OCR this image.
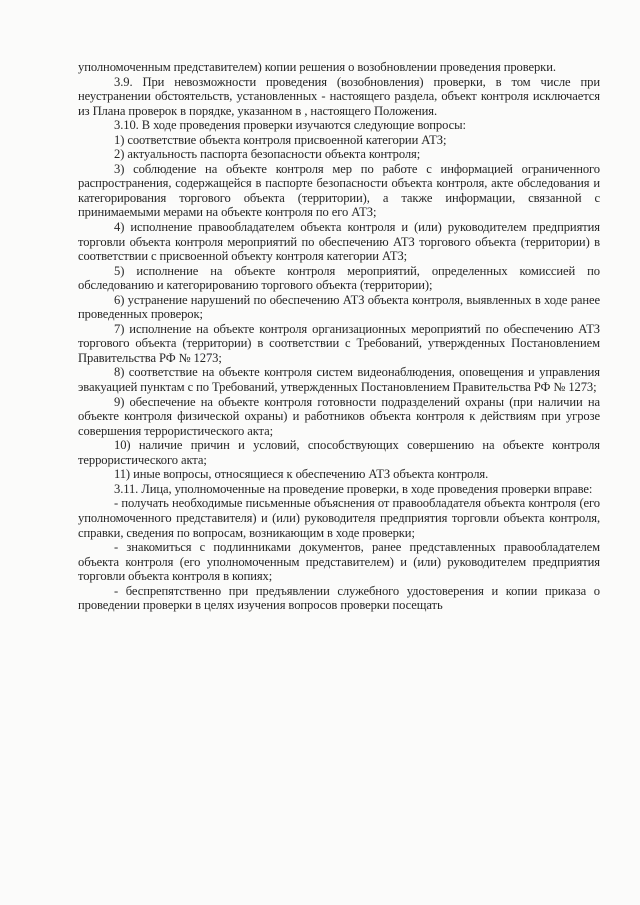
уполномоченным представителем) копии решения о возобновлении проведения проверки.

3.9. При невозможности проведения (возобновления) проверки, в том числе при неустранении обстоятельств, установленных - настоящего раздела, объект контроля исключается из Плана проверок в порядке, указанном в , настоящего Положения.

3.10. В ходе проведения проверки изучаются следующие вопросы:

1) соответствие объекта контроля присвоенной категории АТЗ;

2) актуальность паспорта безопасности объекта контроля;

3) соблюдение на объекте контроля мер по работе с информацией ограниченного распространения, содержащейся в паспорте безопасности объекта контроля, акте обследования и категорирования торгового объекта (территории), а также информации, связанной с принимаемыми мерами на объекте контроля по его АТЗ;

4) исполнение правообладателем объекта контроля и (или) руководителем предприятия торговли объекта контроля мероприятий по обеспечению АТЗ торгового объекта (территории) в соответствии с присвоенной объекту контроля категории АТЗ;

5) исполнение на объекте контроля мероприятий, определенных комиссией по обследованию и категорированию торгового объекта (территории);

6) устранение нарушений по обеспечению АТЗ объекта контроля, выявленных в ходе ранее проведенных проверок;

7) исполнение на объекте контроля организационных мероприятий по обеспечению АТЗ торгового объекта (территории) в соответствии с Требований, утвержденных Постановлением Правительства РФ № 1273;

8) соответствие на объекте контроля систем видеонаблюдения, оповещения и управления эвакуацией пунктам с по Требований, утвержденных Постановлением Правительства РФ № 1273;

9) обеспечение на объекте контроля готовности подразделений охраны (при наличии на объекте контроля физической охраны) и работников объекта контроля к действиям при угрозе совершения террористического акта;

10) наличие причин и условий, способствующих совершению на объекте контроля террористического акта;

11) иные вопросы, относящиеся к обеспечению АТЗ объекта контроля.

3.11. Лица, уполномоченные на проведение проверки, в ходе проведения проверки вправе:

- получать необходимые письменные объяснения от правообладателя объекта контроля (его уполномоченного представителя) и (или) руководителя предприятия торговли объекта контроля, справки, сведения по вопросам, возникающим в ходе проверки;

- знакомиться с подлинниками документов, ранее представленных правообладателем объекта контроля (его уполномоченным представителем) и (или) руководителем предприятия торговли объекта контроля в копиях;

- беспрепятственно при предъявлении служебного удостоверения и копии приказа о проведении проверки в целях изучения вопросов проверки посещать
